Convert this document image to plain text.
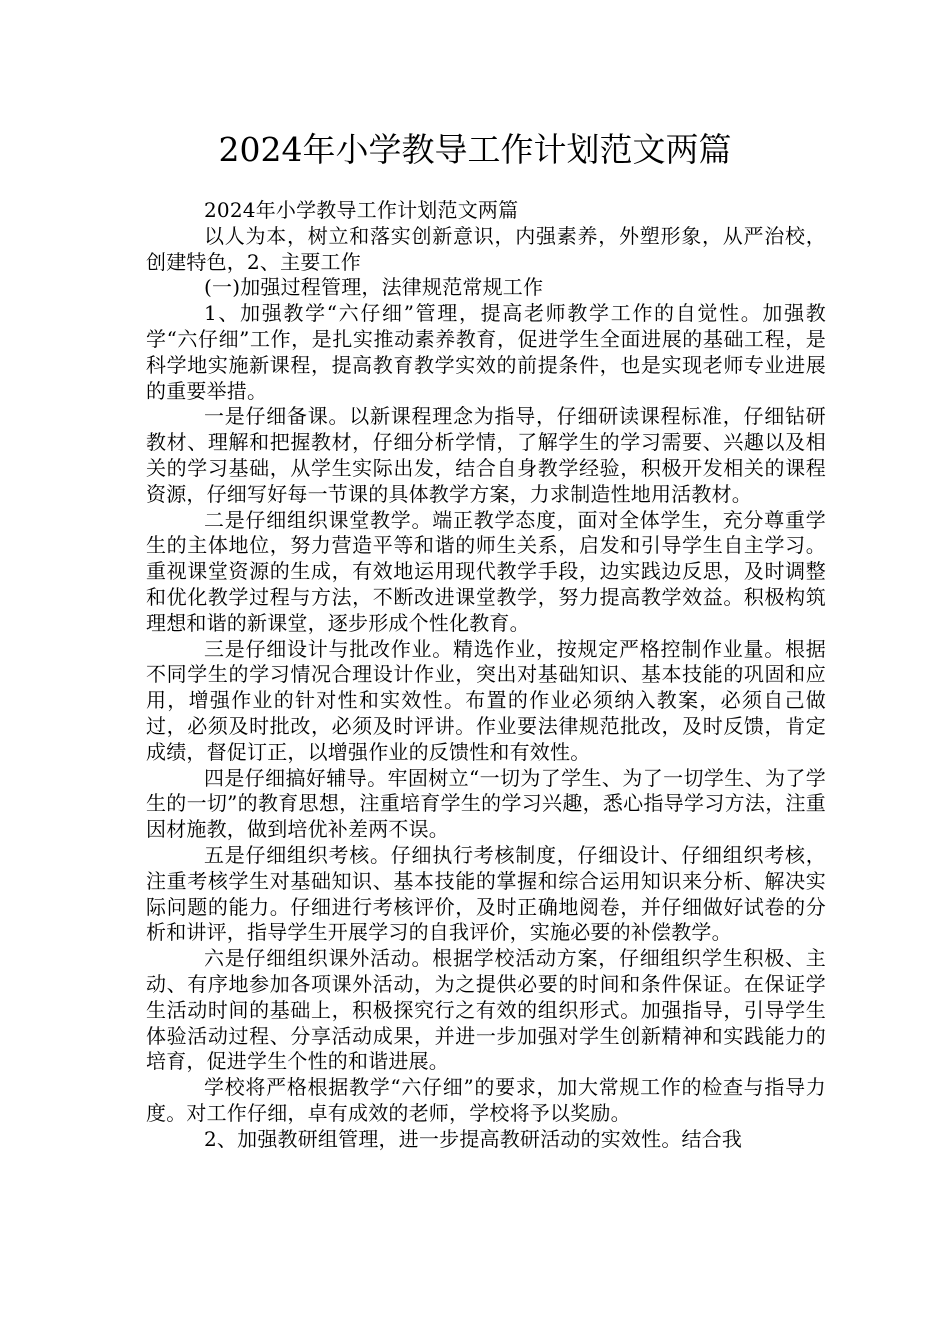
2024年小学教导工作计划范文两篇

2024年小学教导工作计划范文两篇

以人为本，树立和落实创新意识，内强素养，外塑形象，从严治校，创建特色，2、主要工作

(一)加强过程管理，法律规范常规工作

1、加强教学“六仔细”管理，提高老师教学工作的自觉性。加强教学“六仔细”工作，是扎实推动素养教育，促进学生全面进展的基础工程，是科学地实施新课程，提高教育教学实效的前提条件，也是实现老师专业进展的重要举措。

一是仔细备课。以新课程理念为指导，仔细研读课程标准，仔细钻研教材、理解和把握教材，仔细分析学情，了解学生的学习需要、兴趣以及相关的学习基础，从学生实际出发，结合自身教学经验，积极开发相关的课程资源，仔细写好每一节课的具体教学方案，力求制造性地用活教材。

二是仔细组织课堂教学。端正教学态度，面对全体学生，充分尊重学生的主体地位，努力营造平等和谐的师生关系，启发和引导学生自主学习。重视课堂资源的生成，有效地运用现代教学手段，边实践边反思，及时调整和优化教学过程与方法，不断改进课堂教学，努力提高教学效益。积极构筑理想和谐的新课堂，逐步形成个性化教育。

三是仔细设计与批改作业。精选作业，按规定严格控制作业量。根据不同学生的学习情况合理设计作业，突出对基础知识、基本技能的巩固和应用，增强作业的针对性和实效性。布置的作业必须纳入教案，必须自己做过，必须及时批改，必须及时评讲。作业要法律规范批改，及时反馈，肯定成绩，督促订正，以增强作业的反馈性和有效性。

四是仔细搞好辅导。牢固树立“一切为了学生、为了一切学生、为了学生的一切”的教育思想，注重培育学生的学习兴趣，悉心指导学习方法，注重因材施教，做到培优补差两不误。

五是仔细组织考核。仔细执行考核制度，仔细设计、仔细组织考核，注重考核学生对基础知识、基本技能的掌握和综合运用知识来分析、解决实际问题的能力。仔细进行考核评价，及时正确地阅卷，并仔细做好试卷的分析和讲评，指导学生开展学习的自我评价，实施必要的补偿教学。

六是仔细组织课外活动。根据学校活动方案，仔细组织学生积极、主动、有序地参加各项课外活动，为之提供必要的时间和条件保证。在保证学生活动时间的基础上，积极探究行之有效的组织形式。加强指导，引导学生体验活动过程、分享活动成果，并进一步加强对学生创新精神和实践能力的培育，促进学生个性的和谐进展。

学校将严格根据教学“六仔细”的要求，加大常规工作的检查与指导力度。对工作仔细，卓有成效的老师，学校将予以奖励。

2、加强教研组管理，进一步提高教研活动的实效性。结合我
